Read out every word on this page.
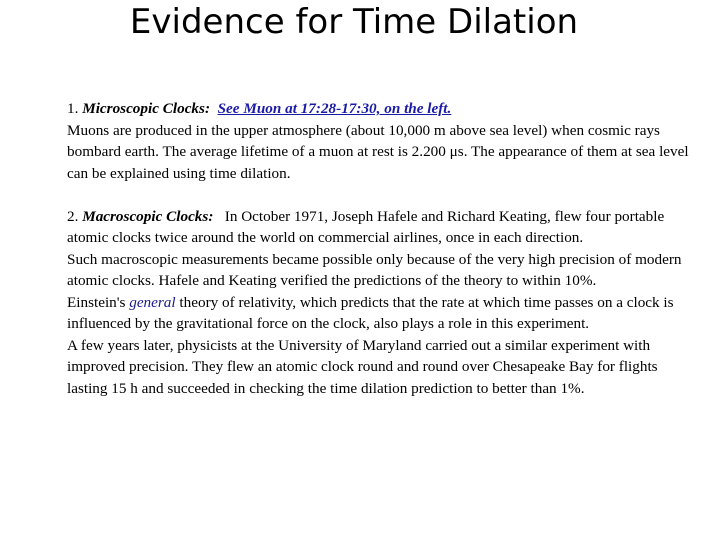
Evidence for Time Dilation

1. Microscopic Clocks: See Muon at 17:28-17:30, on the left.

Muons are produced in the upper atmosphere (about 10,000 m above sea level) when cosmic rays bombard earth. The average lifetime of a muon at rest is 2.200 μs. The appearance of them at sea level can be explained using time dilation.

2. Macroscopic Clocks: In October 1971, Joseph Hafele and Richard Keating, flew four portable atomic clocks twice around the world on commercial airlines, once in each direction.

Such macroscopic measurements became possible only because of the very high precision of modern atomic clocks. Hafele and Keating verified the predictions of the theory to within 10%.

Einstein's general theory of relativity, which predicts that the rate at which time passes on a clock is influenced by the gravitational force on the clock, also plays a role in this experiment.

A few years later, physicists at the University of Maryland carried out a similar experiment with improved precision. They flew an atomic clock round and round over Chesapeake Bay for flights lasting 15 h and succeeded in checking the time dilation prediction to better than 1%.
